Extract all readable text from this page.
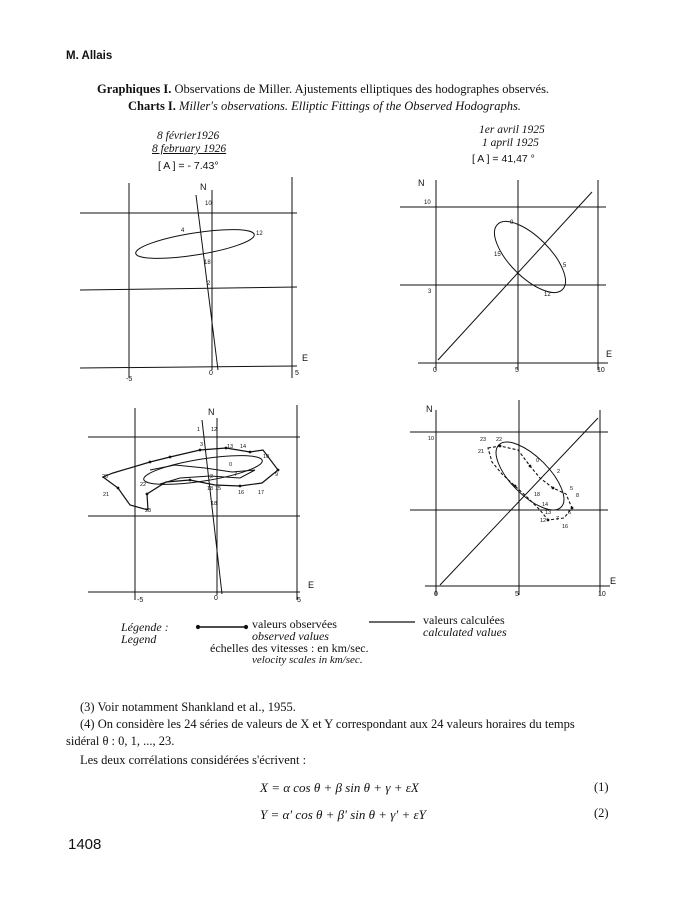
M. Allais
Graphiques I. Observations de Miller. Ajustements elliptiques des hodographes observés.
Charts I. Miller's observations. Elliptic Fittings of the Observed Hodographs.
8 février1926
8 february 1926
[ A ] = - 7.43°
1er avril 1925
1 april 1925
[ A ] = 41,47 °
N
E
-5
0	5
10
4	12
18
2
N
E
0	5	10
10
0
15
3	12
5
N
E
-5	0	5
1 12
3	13 14
20
21
10
9
22
23
18 15
16	17
18
2
0
7
N
E
0	5	10
10
21
23 22
0
2
18
5
8
14
13
12 7
6
16
Légende :
Legend
valeurs observées
observed values
valeurs calculées
calculated values
échelles des vitesses : en km/sec.
velocity scales in km/sec.
(3) Voir notamment Shankland et al., 1955.
(4) On considère les 24 séries de valeurs de X et Y correspondant aux 24 valeurs horaires du temps
sidéral θ : 0, 1, ..., 23.
Les deux corrélations considérées s'écrivent :
X = α cos θ + β sin θ + γ + εX	(1)
Y = α′ cos θ + β′ sin θ + γ′ + εY	(2)
1408
